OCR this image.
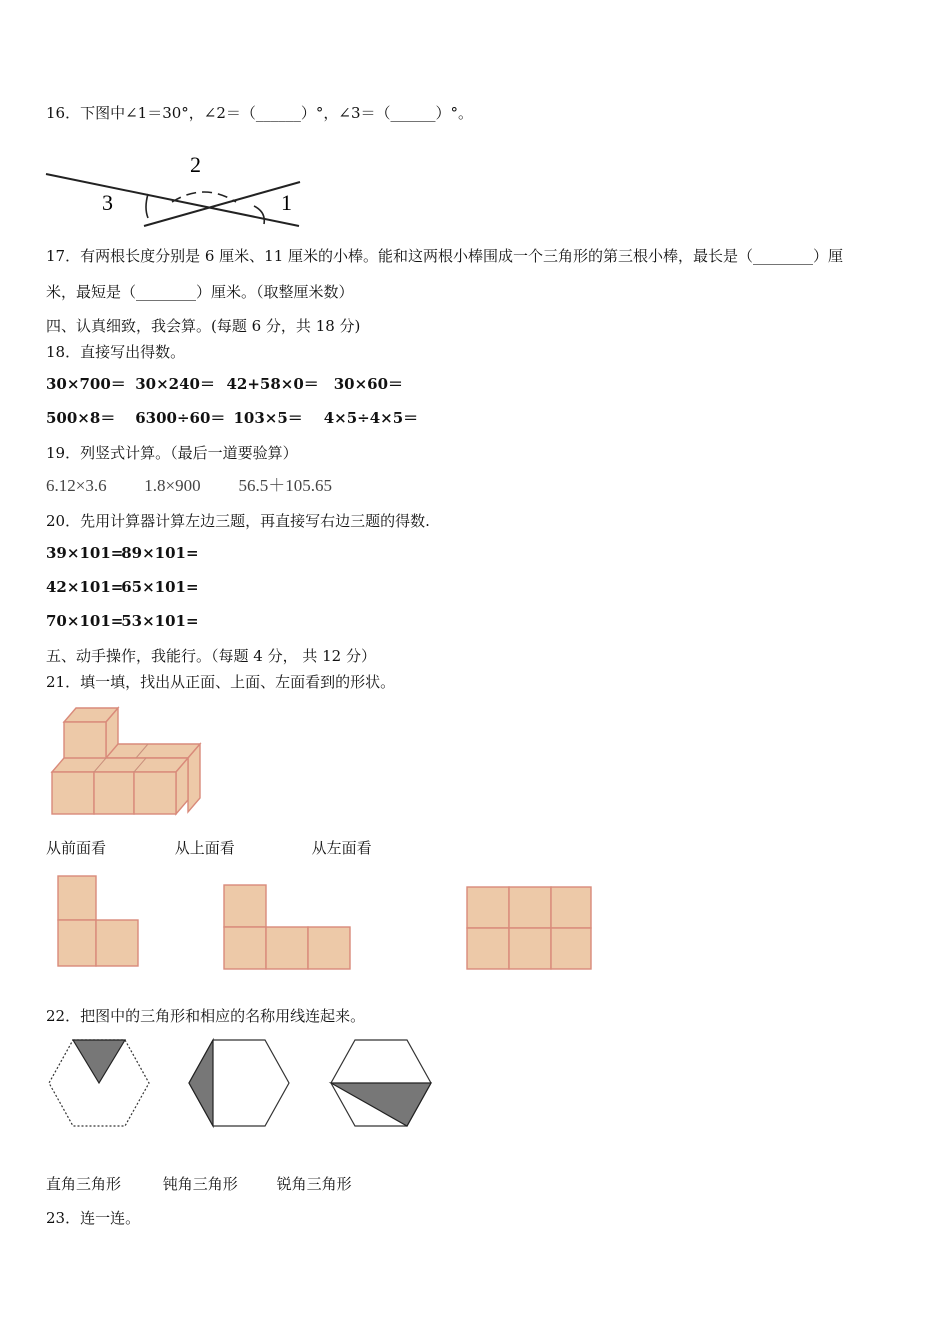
16．下图中∠1＝30°，∠2＝（______）°，∠3＝（______）°。
2
3	1
17．有两根长度分别是 6 厘米、11 厘米的小棒。能和这两根小棒围成一个三角形的第三根小棒，最长是（________）厘
米，最短是（________）厘米。（取整厘米数）
四、认真细致，我会算。(每题 6 分，共 18 分)
18．直接写出得数。
30×700＝ 30×240＝ 42+58×0＝ 30×60＝
500×8＝ 6300÷60＝ 103×5＝ 4×5÷4×5＝
19．列竖式计算。（最后一道要验算）
6.12×3.6 1.8×900 56.5＋105.65
20．先用计算器计算左边三题，再直接写右边三题的得数.
39×101= 89×101=
42×101= 65×101=
70×101= 53×101=
五、动手操作，我能行。（每题 4 分， 共 12 分）
21．填一填，找出从正面、上面、左面看到的形状。
从前面看	从上面看	从左面看
22．把图中的三角形和相应的名称用线连起来。
直角三角形	钝角三角形	锐角三角形
23．连一连。
